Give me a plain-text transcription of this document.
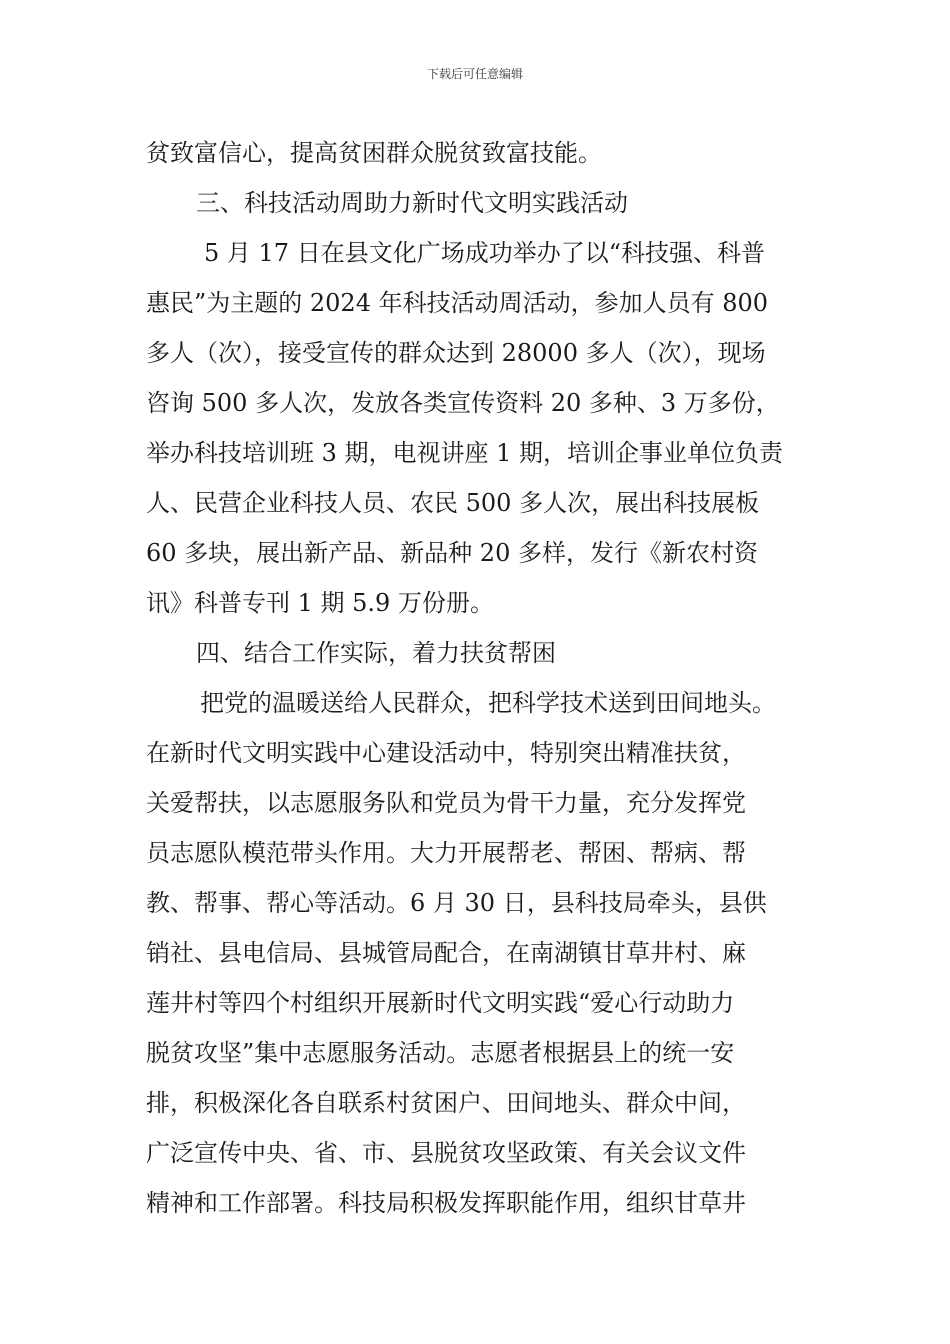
下载后可任意编辑
贫致富信心，提高贫困群众脱贫致富技能。
三、科技活动周助力新时代文明实践活动
5 月 17 日在县文化广场成功举办了以“科技强、科普
惠民”为主题的 2024 年科技活动周活动，参加人员有 800
多人（次），接受宣传的群众达到 28000 多人（次），现场
咨询 500 多人次，发放各类宣传资料 20 多种、3 万多份，
举办科技培训班 3 期，电视讲座 1 期，培训企事业单位负责
人、民营企业科技人员、农民 500 多人次，展出科技展板
60 多块，展出新产品、新品种 20 多样，发行《新农村资
讯》科普专刊 1 期 5.9 万份册。
四、结合工作实际，着力扶贫帮困
把党的温暖送给人民群众，把科学技术送到田间地头。
在新时代文明实践中心建设活动中，特别突出精准扶贫，
关爱帮扶，以志愿服务队和党员为骨干力量，充分发挥党
员志愿队模范带头作用。大力开展帮老、帮困、帮病、帮
教、帮事、帮心等活动。6 月 30 日，县科技局牵头，县供
销社、县电信局、县城管局配合，在南湖镇甘草井村、麻
莲井村等四个村组织开展新时代文明实践“爱心行动助力
脱贫攻坚”集中志愿服务活动。志愿者根据县上的统一安
排，积极深化各自联系村贫困户、田间地头、群众中间，
广泛宣传中央、省、市、县脱贫攻坚政策、有关会议文件
精神和工作部署。科技局积极发挥职能作用，组织甘草井
